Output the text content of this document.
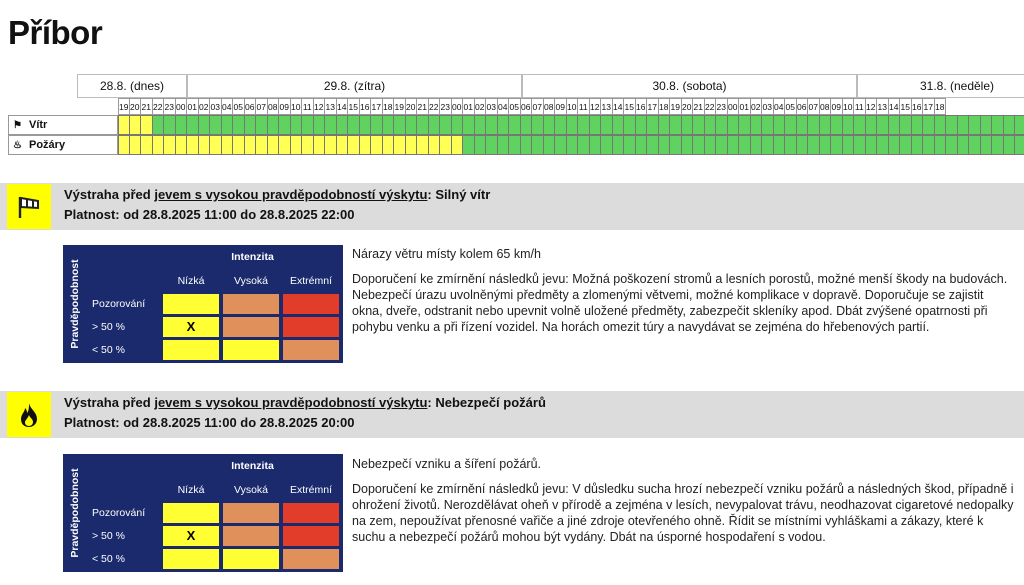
Příbor
28.8. (dnes)	29.8. (zítra)	30.8. (sobota)	31.8. (neděle)
19 20 21 22 23 00 01 02 03 04 05 06 07 08 09 10 11 12 13 14 15 16 17 18 19 20 21 22 23 00 01 02 03 04 05 06 07 08 09 10 11 12 13 14 15 16 17 18 19 20 21 22 23 00 01 02 03 04 05 06 07 08 09 10 11 12 13 14 15 16 17 18
⚑ Vítr
♨ Požáry
Výstraha před jevem s vysokou pravděpodobností výskytu: Silný vítr
Platnost: od 28.8.2025 11:00 do 28.8.2025 22:00
Pravděpodobnost
Intenzita
Nízká	Vysoká	Extrémní
Pozorování
> 50 %	X
< 50 %
Nárazy větru místy kolem 65 km/h
Doporučení ke zmírnění následků jevu: Možná poškození stromů a lesních porostů, možné menší škody na budovách. Nebezpečí úrazu uvolněnými předměty a zlomenými větvemi, možné komplikace v dopravě. Doporučuje se zajistit okna, dveře, odstranit nebo upevnit volně uložené předměty, zabezpečit skleníky apod. Dbát zvýšené opatrnosti při pohybu venku a při řízení vozidel. Na horách omezit túry a navydávat se zejména do hřebenových partií.
Výstraha před jevem s vysokou pravděpodobností výskytu: Nebezpečí požárů
Platnost: od 28.8.2025 11:00 do 28.8.2025 20:00
Pravděpodobnost
Intenzita
Nízká	Vysoká	Extrémní
Pozorování
> 50 %	X
< 50 %
Nebezpečí vzniku a šíření požárů.
Doporučení ke zmírnění následků jevu: V důsledku sucha hrozí nebezpečí vzniku požárů a následných škod, případně i ohrožení životů. Nerozdělávat oheň v přírodě a zejména v lesích, nevypalovat trávu, neodhazovat cigaretové nedopalky na zem, nepoužívat přenosné vařiče a jiné zdroje otevřeného ohně. Řídit se místními vyhláškami a zákazy, které k suchu a nebezpečí požárů mohou být vydány. Dbát na úsporné hospodaření s vodou.
